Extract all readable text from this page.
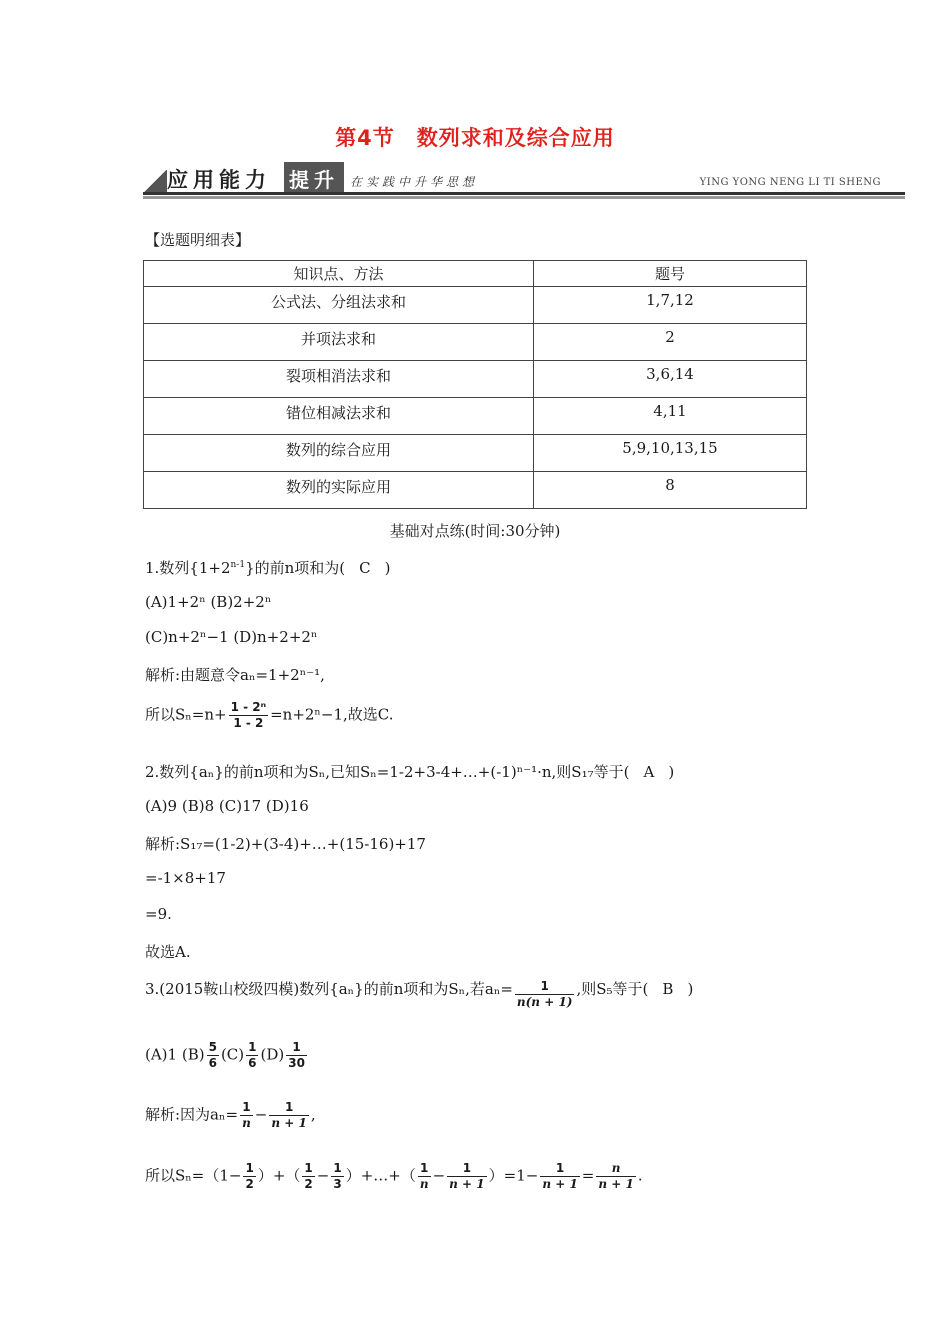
第4节　数列求和及综合应用
应用能力 提升 在实践中升华思想	YING YONG NENG LI TI SHENG
【选题明细表】
知识点、方法	题号
公式法、分组法求和	1,7,12
并项法求和	2
裂项相消法求和	3,6,14
错位相减法求和	4,11
数列的综合应用	5,9,10,13,15
数列的实际应用	8
基础对点练(时间:30分钟)
1.数列$\{1+2^{n-1}\}$的前n项和为( C )
(A)1+2ⁿ (B)2+2ⁿ
(C)n+2ⁿ−1 (D)n+2+2ⁿ
解析:由题意令aₙ=1+2ⁿ⁻¹,
所以$S_n=n+ \frac{\text{1 - 2ⁿ}}{1 - 2} =n+2^n-1$,故选C.
2.数列{aₙ}的前n项和为Sₙ,已知Sₙ=1-2+3-4+…+(-1)ⁿ⁻¹·n,则S₁₇等于( A )
(A)9 (B)8 (C)17 (D)16
解析:S₁₇=(1-2)+(3-4)+…+(15-16)+17
=-1×8+17
=9.
故选A.
3.(2015鞍山校级四模)数列{aₙ}的前n项和为Sₙ,若$a_n= \frac{1}{n(n + 1)}$ ,则S₅等于( B )
(A)1 $(B) \frac{5}{6} (C) \frac{1}{6} (D) \frac{1}{30}$
解析:因为$a_n= \frac{1}{n} - \frac{1}{n + 1}$ ,
所以$S_n=(1- \frac{1}{2}$ ）+（ $\frac{1}{2} - \frac{1}{3}$ ）+…+（ $\frac{1}{n} - \frac{1}{n + 1} )=1- \frac{1}{n + 1} = \frac{n}{n + 1}$ .
